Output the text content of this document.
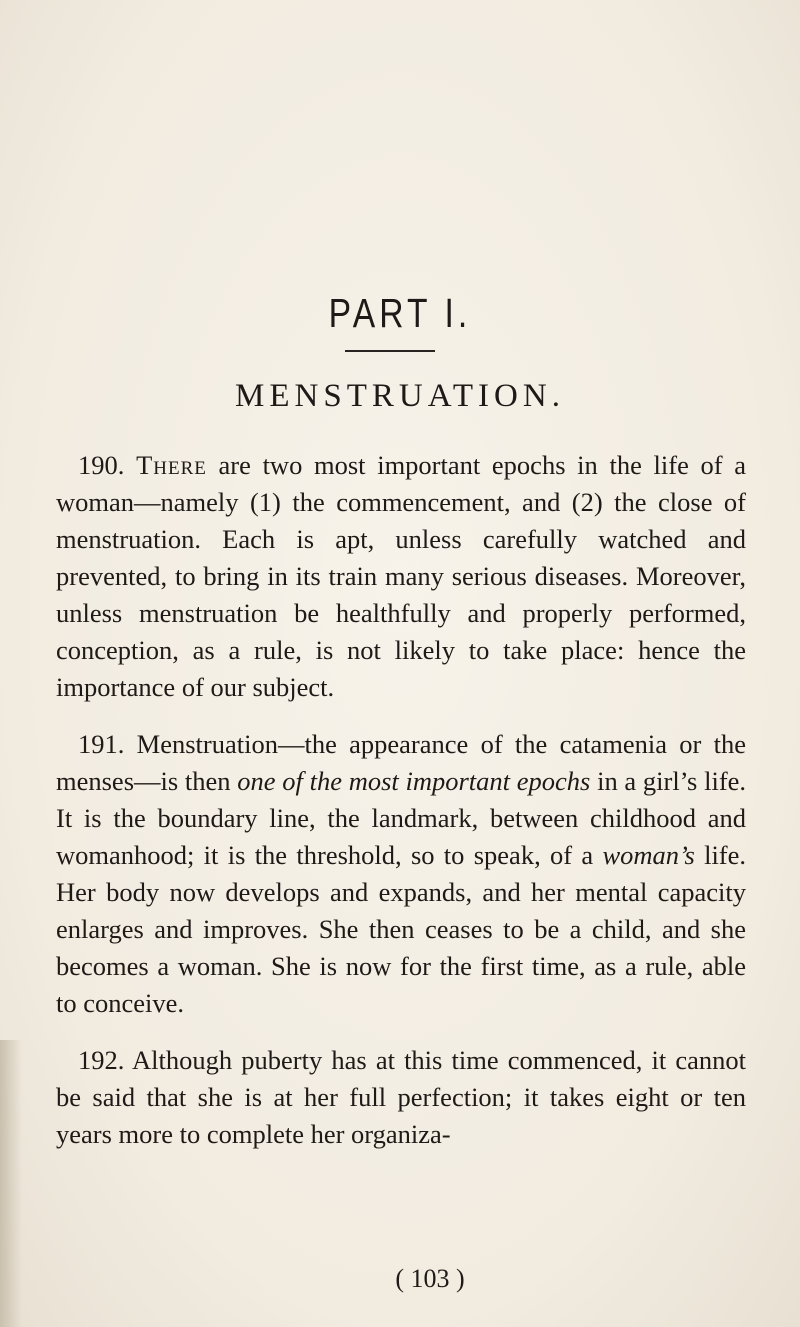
PART I.
MENSTRUATION.

190. There are two most important epochs in the life of a woman—namely (1) the commencement, and (2) the close of menstruation. Each is apt, unless carefully watched and prevented, to bring in its train many serious diseases. Moreover, unless menstruation be healthfully and properly performed, conception, as a rule, is not likely to take place: hence the importance of our subject.

191. Menstruation—the appearance of the catamenia or the menses—is then one of the most important epochs in a girl’s life. It is the boundary line, the landmark, between childhood and womanhood; it is the threshold, so to speak, of a woman’s life. Her body now develops and expands, and her mental capacity enlarges and improves. She then ceases to be a child, and she becomes a woman. She is now for the first time, as a rule, able to conceive.

192. Although puberty has at this time commenced, it cannot be said that she is at her full perfection; it takes eight or ten years more to complete her organiza-

( 103 )
